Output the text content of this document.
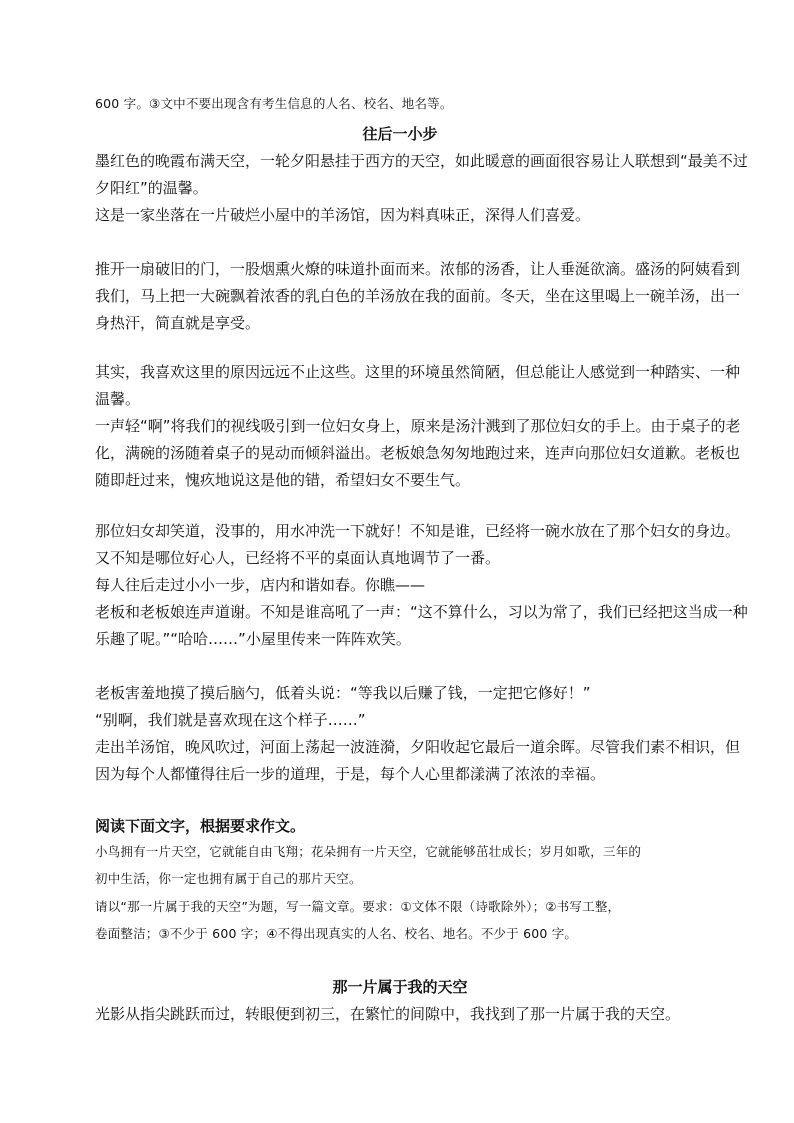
600 字。③文中不要出现含有考生信息的人名、校名、地名等。
往后一小步
墨红色的晚霞布满天空，一轮夕阳悬挂于西方的天空，如此暖意的画面很容易让人联想到“最美不过
夕阳红”的温馨。
这是一家坐落在一片破烂小屋中的羊汤馆，因为料真味正，深得人们喜爱。
推开一扇破旧的门，一股烟熏火燎的味道扑面而来。浓郁的汤香，让人垂涎欲滴。盛汤的阿姨看到
我们，马上把一大碗飘着浓香的乳白色的羊汤放在我的面前。冬天，坐在这里喝上一碗羊汤，出一
身热汗，简直就是享受。
其实，我喜欢这里的原因远远不止这些。这里的环境虽然简陋，但总能让人感觉到一种踏实、一种
温馨。
一声轻“啊”将我们的视线吸引到一位妇女身上，原来是汤汁溅到了那位妇女的手上。由于桌子的老
化，满碗的汤随着桌子的晃动而倾斜溢出。老板娘急匆匆地跑过来，连声向那位妇女道歉。老板也
随即赶过来，愧疚地说这是他的错，希望妇女不要生气。
那位妇女却笑道，没事的，用水冲洗一下就好！不知是谁，已经将一碗水放在了那个妇女的身边。
又不知是哪位好心人，已经将不平的桌面认真地调节了一番。
每人往后走过小小一步，店内和谐如春。你瞧——
老板和老板娘连声道谢。不知是谁高吼了一声：“这不算什么，习以为常了，我们已经把这当成一种
乐趣了呢。”“哈哈……”小屋里传来一阵阵欢笑。
老板害羞地摸了摸后脑勺，低着头说：“等我以后赚了钱，一定把它修好！”
“别啊，我们就是喜欢现在这个样子……”
走出羊汤馆，晚风吹过，河面上荡起一波涟漪，夕阳收起它最后一道余晖。尽管我们素不相识，但
因为每个人都懂得往后一步的道理，于是，每个人心里都漾满了浓浓的幸福。
阅读下面文字，根据要求作文。
小鸟拥有一片天空，它就能自由飞翔；花朵拥有一片天空，它就能够茁壮成长；岁月如歌，三年的
初中生活，你一定也拥有属于自己的那片天空。
请以“那一片属于我的天空”为题，写一篇文章。要求：①文体不限（诗歌除外）；②书写工整，
卷面整洁；③不少于 600 字；④不得出现真实的人名、校名、地名。不少于 600 字。
那一片属于我的天空
光影从指尖跳跃而过，转眼便到初三，在繁忙的间隙中，我找到了那一片属于我的天空。
